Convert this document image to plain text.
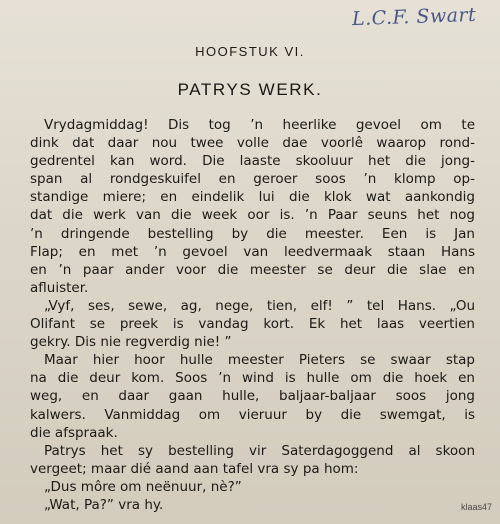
L.C.F. Swart
HOOFSTUK VI.
PATRYS WERK.
Vrydagmiddag! Dis tog ’n heerlike gevoel om te
dink dat daar nou twee volle dae voorlê waarop rond-
gedrentel kan word. Die laaste skooluur het die jong-
span al rondgeskuifel en geroer soos ’n klomp op-
standige miere; en eindelik lui die klok wat aankondig
dat die werk van die week oor is. ’n Paar seuns het nog
’n dringende bestelling by die meester. Een is Jan
Flap; en met ’n gevoel van leedvermaak staan Hans
en ’n paar ander voor die meester se deur die slae en
afluister.
„Vyf, ses, sewe, ag, nege, tien, elf! ” tel Hans. „Ou
Olifant se preek is vandag kort. Ek het laas veertien
gekry. Dis nie regverdig nie! ”
Maar hier hoor hulle meester Pieters se swaar stap
na die deur kom. Soos ’n wind is hulle om die hoek en
weg, en daar gaan hulle, baljaar-baljaar soos jong
kalwers. Vanmiddag om vieruur by die swemgat, is
die afspraak.
Patrys het sy bestelling vir Saterdagoggend al skoon
vergeet; maar dié aand aan tafel vra sy pa hom:
„Dus môre om neënuur, nè?”
„Wat, Pa?” vra hy.	klaas47
